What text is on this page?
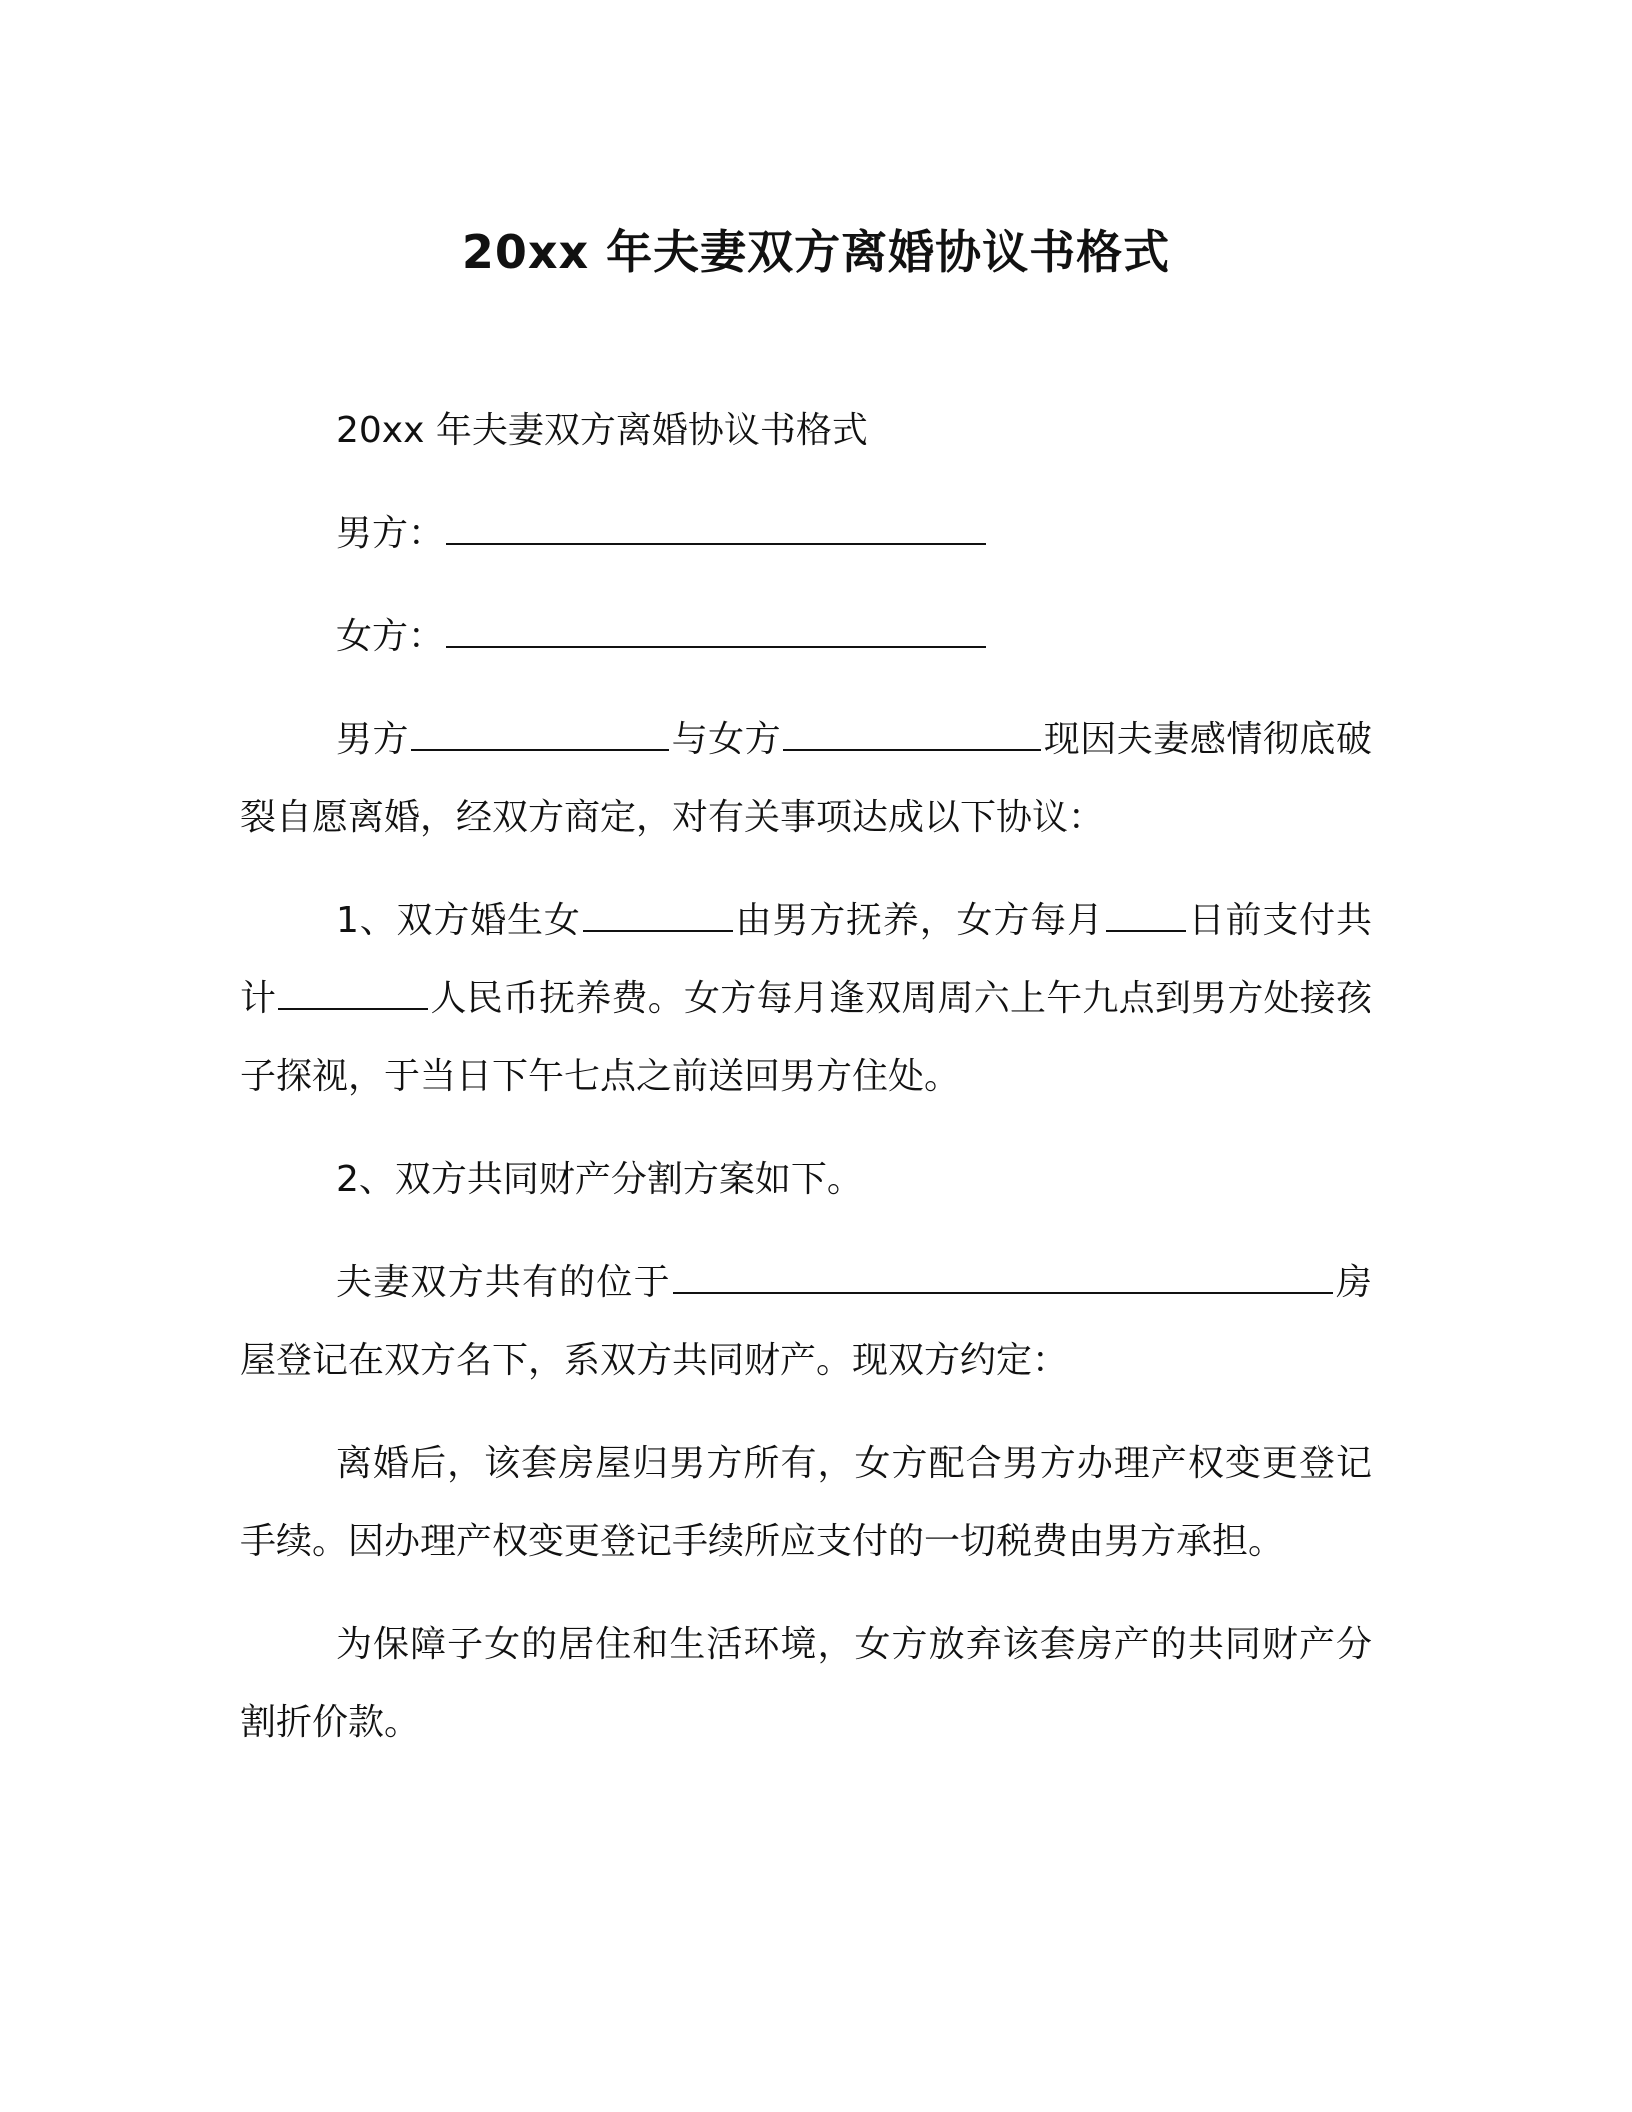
20xx 年夫妻双方离婚协议书格式

20xx 年夫妻双方离婚协议书格式

男方：

女方：

男方	与女方	现因夫妻感情彻底破裂自愿离婚，经双方商定，对有关事项达成以下协议：

1、双方婚生女	由男方抚养，女方每月 日前支付共计	人民币抚养费。女方每月逢双周周六上午九点到男方处接孩子探视，于当日下午七点之前送回男方住处。

2、双方共同财产分割方案如下。

夫妻双方共有的位于	房屋登记在双方名下，系双方共同财产。现双方约定：

离婚后，该套房屋归男方所有，女方配合男方办理产权变更登记手续。因办理产权变更登记手续所应支付的一切税费由男方承担。

为保障子女的居住和生活环境，女方放弃该套房产的共同财产分割折价款。
